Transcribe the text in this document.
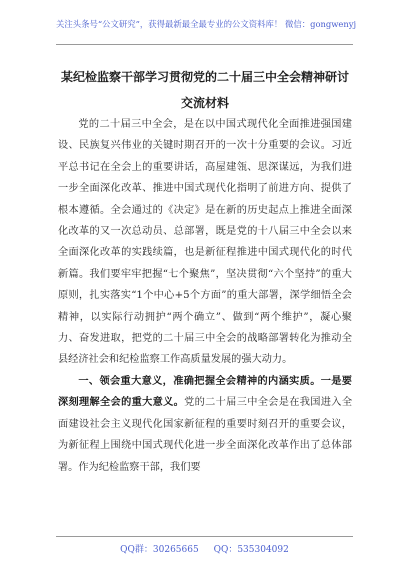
关注头条号“公文研究”，获得最新最全最专业的公文资料库！ 微信：gongwenyj
某纪检监察干部学习贯彻党的二十届三中全会精神研讨交流材料

党的二十届三中全会，是在以中国式现代化全面推进强国建设、民族复兴伟业的关键时期召开的一次十分重要的会议。习近平总书记在全会上的重要讲话，高屋建瓴、思深谋远，为我们进一步全面深化改革、推进中国式现代化指明了前进方向、提供了根本遵循。全会通过的《决定》是在新的历史起点上推进全面深化改革的又一次总动员、总部署，既是党的十八届三中全会以来全面深化改革的实践续篇，也是新征程推进中国式现代化的时代新篇。我们要牢牢把握“七个聚焦”，坚决贯彻“六个坚持”的重大原则，扎实落实“1个中心+5个方面”的重大部署，深学细悟全会精神，以实际行动拥护“两个确立”、做到“两个维护”，凝心聚力、奋发进取，把党的二十届三中全会的战略部署转化为推动全县经济社会和纪检监察工作高质量发展的强大动力。

一、领会重大意义，准确把握全会精神的内涵实质。一是要深刻理解全会的重大意义。党的二十届三中全会是在我国进入全面建设社会主义现代化国家新征程的重要时刻召开的重要会议，为新征程上围绕中国式现代化进一步全面深化改革作出了总体部署。作为纪检监察干部，我们要

QQ群：30265665 QQ：535304092
